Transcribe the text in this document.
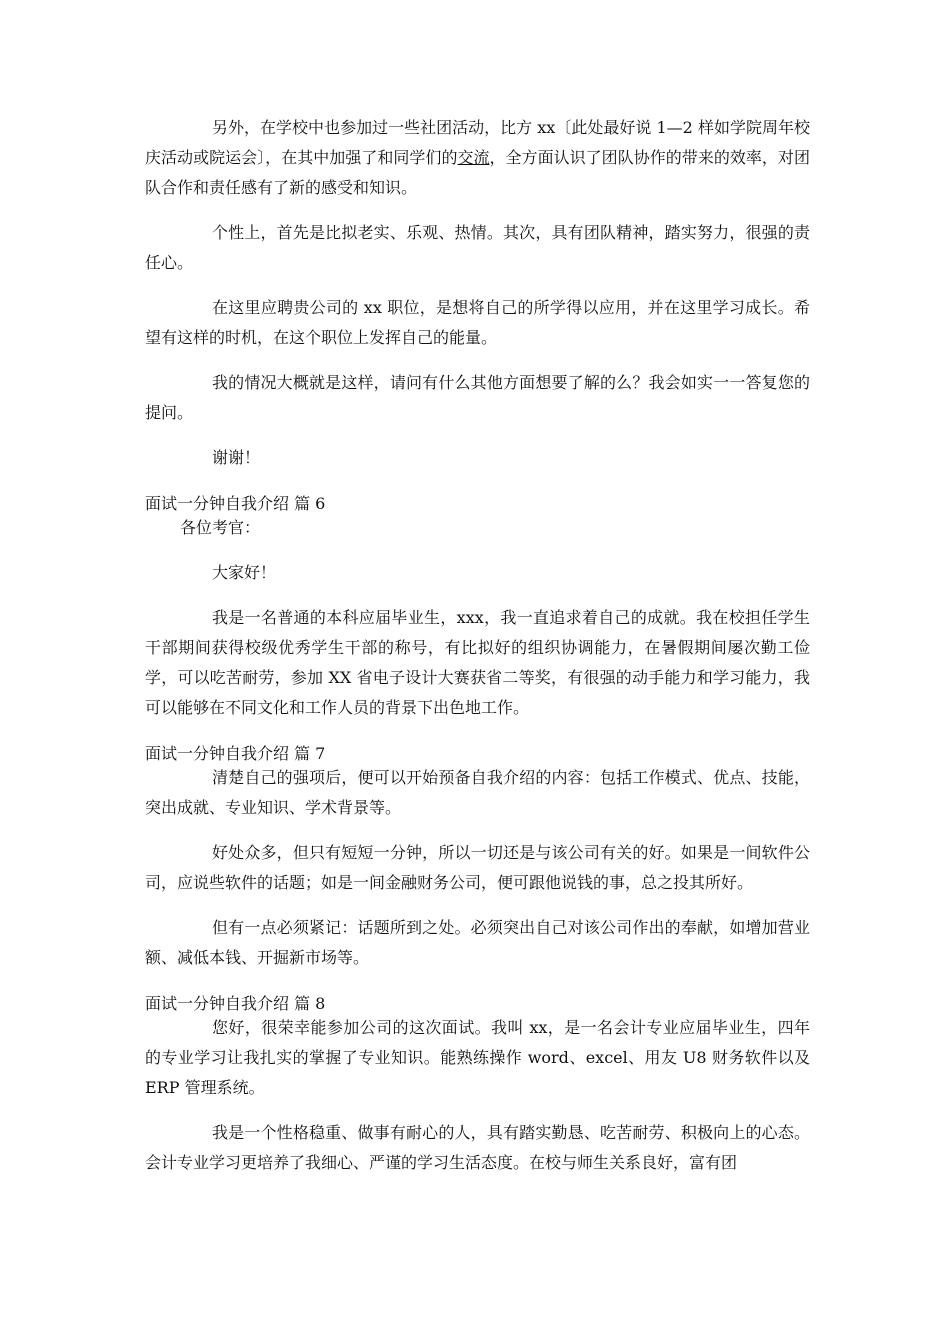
另外，在学校中也参加过一些社团活动，比方 xx〔此处最好说 1—2 样如学院周年校庆活动或院运会〕，在其中加强了和同学们的交流，全方面认识了团队协作的带来的效率，对团队合作和责任感有了新的感受和知识。

个性上，首先是比拟老实、乐观、热情。其次，具有团队精神，踏实努力，很强的责任心。

在这里应聘贵公司的 xx 职位，是想将自己的所学得以应用，并在这里学习成长。希望有这样的时机，在这个职位上发挥自己的能量。

我的情况大概就是这样，请问有什么其他方面想要了解的么？我会如实一一答复您的提问。

谢谢！

面试一分钟自我介绍 篇 6

各位考官：

大家好！

我是一名普通的本科应届毕业生，xxx，我一直追求着自己的成就。我在校担任学生干部期间获得校级优秀学生干部的称号，有比拟好的组织协调能力，在暑假期间屡次勤工俭学，可以吃苦耐劳，参加 XX 省电子设计大赛获省二等奖，有很强的动手能力和学习能力，我可以能够在不同文化和工作人员的背景下出色地工作。

面试一分钟自我介绍 篇 7

清楚自己的强项后，便可以开始预备自我介绍的内容：包括工作模式、优点、技能，突出成就、专业知识、学术背景等。

好处众多，但只有短短一分钟，所以一切还是与该公司有关的好。如果是一间软件公司，应说些软件的话题；如是一间金融财务公司，便可跟他说钱的事，总之投其所好。

但有一点必须紧记：话题所到之处。必须突出自己对该公司作出的奉献，如增加营业额、减低本钱、开掘新市场等。

面试一分钟自我介绍 篇 8

您好，很荣幸能参加公司的这次面试。我叫 xx，是一名会计专业应届毕业生，四年的专业学习让我扎实的掌握了专业知识。能熟练操作 word、excel、用友 U8 财务软件以及 ERP 管理系统。

我是一个性格稳重、做事有耐心的人，具有踏实勤恳、吃苦耐劳、积极向上的心态。会计专业学习更培养了我细心、严谨的学习生活态度。在校与师生关系良好，富有团
